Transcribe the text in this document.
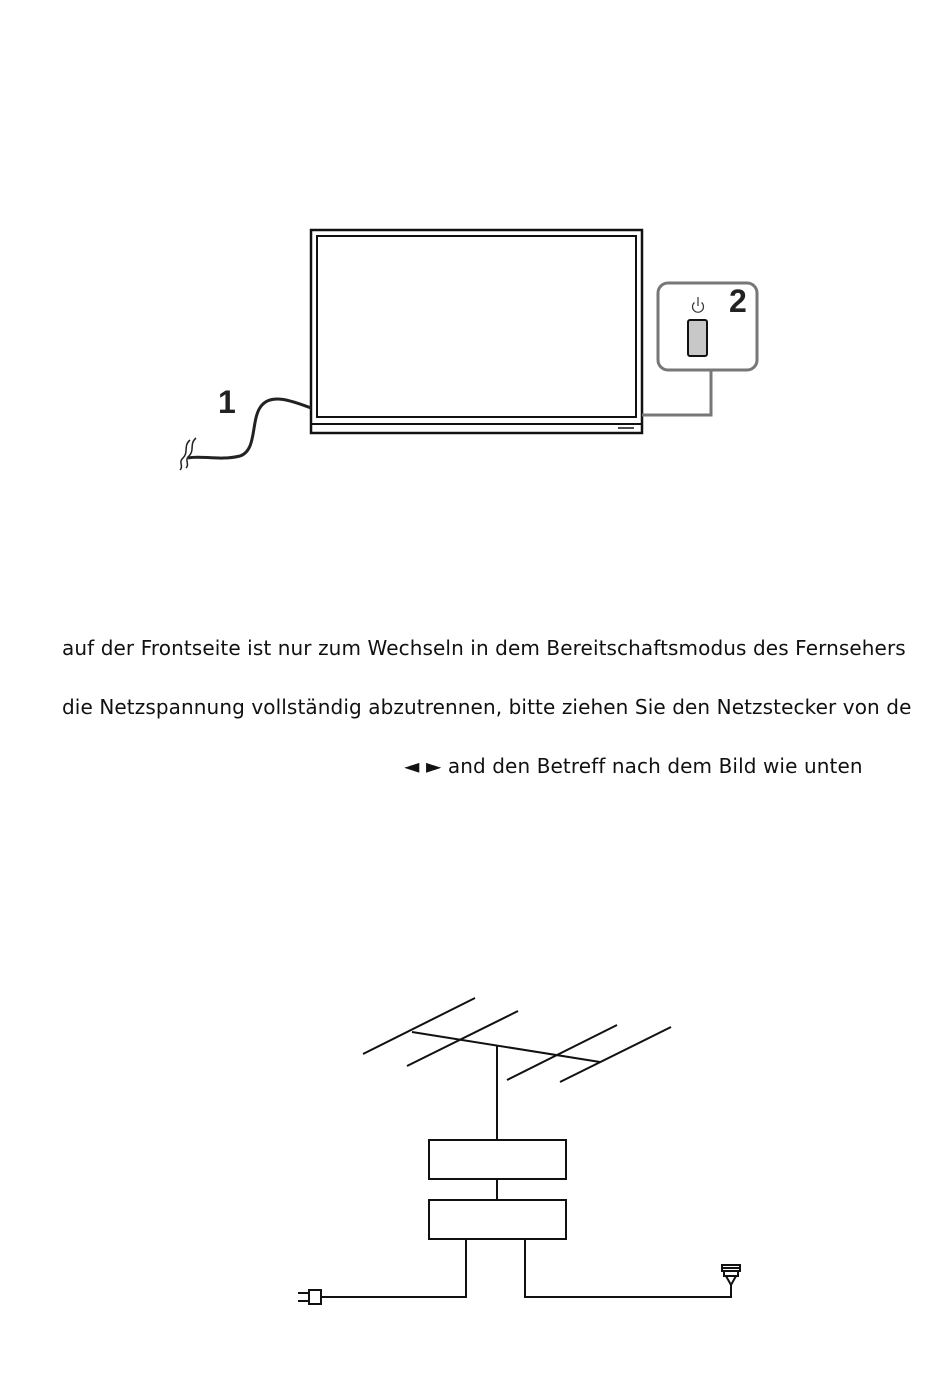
1
2
auf der Frontseite ist nur zum Wechseln in dem Bereitschaftsmodus des Fernsehers
die Netzspannung vollständig abzutrennen, bitte ziehen Sie den Netzstecker von de
◄ ► and den Betreff nach dem Bild wie unten
